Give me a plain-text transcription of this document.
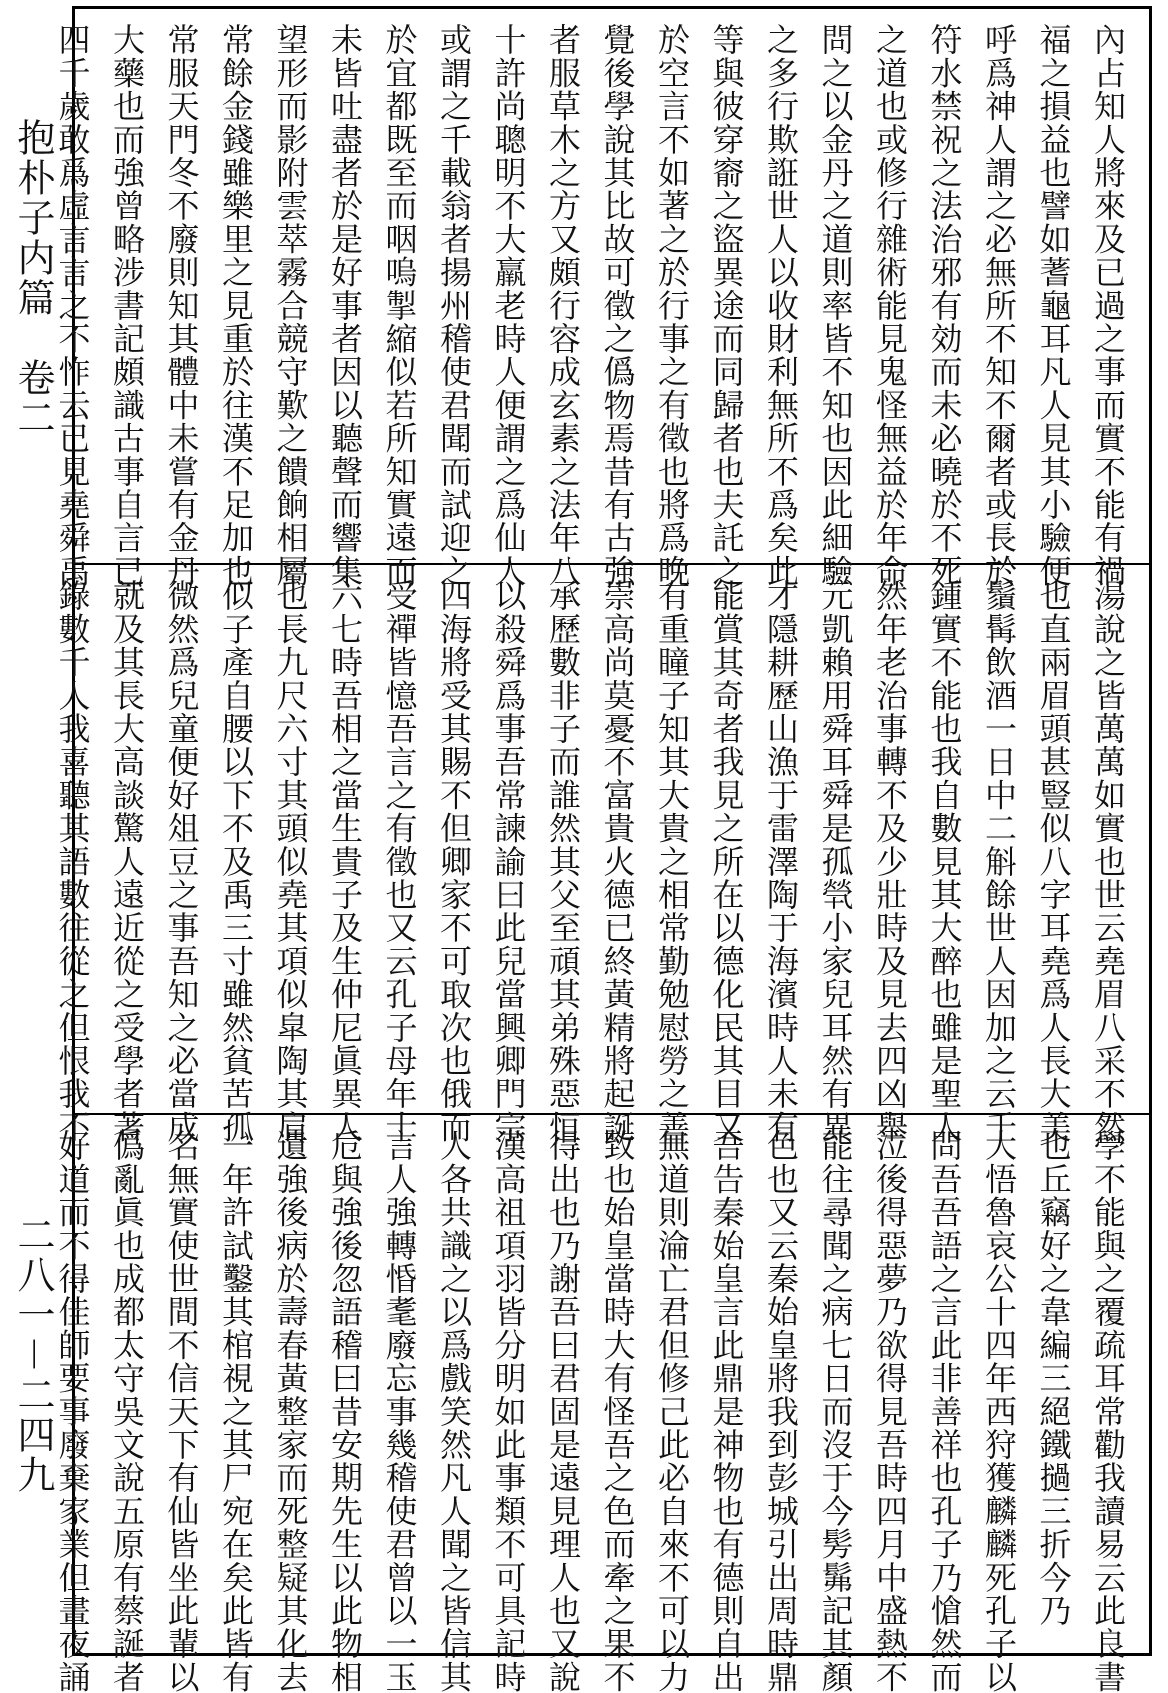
抱朴子内篇　卷二
二八一－二四九
內占知人將來及已過之事而實不能有禍
福之損益也譬如蓍龜耳凡人見其小驗便
呼爲神人謂之必無所不知不爾者或長於
符水禁祝之法治邪有効而未必曉於不死
之道也或修行雜術能見鬼怪無益於年命
問之以金丹之道則率皆不知也因此細驗
之多行欺誑世人以收財利無所不爲矣此
等與彼穿窬之盜異途而同歸者也夫託之
於空言不如著之於行事之有徵也將爲晚
覺後學說其比故可徵之僞物焉昔有古強
者服草木之方又頗行容成玄素之法年八
十許尚聰明不大羸老時人便謂之爲仙人
或謂之千載翁者揚州稽使君聞而試迎之
於宜都既至而咽嗚掣縮似若所知實遠而
未皆吐盡者於是好事者因以聽聲而響集
望形而影附雲萃霧合競守歎之饋餉相屬
常餘金錢雖樂里之見重於往漢不足加也
常服天門冬不廢則知其體中未嘗有金丹
大藥也而強曾略涉書記頗識古事自言已
四千歲敢爲虛言言之不怍云已見堯舜禹
湯說之皆萬萬如實也世云堯眉八采不然
也直兩眉頭甚豎似八字耳堯爲人長大美
鬚髯飲酒一日中二斛餘世人因加之云千
鍾實不能也我自數見其大醉也雖是聖人
然年老治事轉不及少壯時及見去四凶舉
元凱賴用舜耳舜是孤煢小家兒耳然有異
才隱耕歷山漁于雷澤陶于海濱時人未有
能賞其奇者我見之所在以德化民其目又
有重瞳子知其大貴之相常勤勉慰勞之善
崇高尚莫憂不富貴火德已終黃精將起誕
承歷數非子而誰然其父至頑其弟殊惡恒
以殺舜爲事吾常諫諭曰此兒當興卿門宗
四海將受其賜不但卿家不可取次也俄而
受禪皆憶吾言之有徵也又云孔子母年十
六七時吾相之當生貴子及生仲尼眞異人
也長九尺六寸其頭似堯其項似皐陶其肩
似子產自腰以下不及禹三寸雖然貧苦孤
微然爲兒童便好俎豆之事吾知之必當成
就及其長大高談驚人遠近從之受學者著
錄數千人我喜聽其語數往從之但恨我不
學不能與之覆疏耳常勸我讀易云此良書
也丘竊好之韋編三絕鐵撾三折今乃
大悟魯哀公十四年西狩獲麟麟死孔子以
問吾吾語之言此非善祥也孔子乃愴然而
泣後得惡夢乃欲得見吾時四月中盛熱不
能往尋聞之病七日而沒于今髣髴記其顏
色也又云秦始皇將我到彭城引出周時鼎
吾告秦始皇言此鼎是神物也有德則自出
無道則淪亡君但修己此必自來不可以力
致也始皇當時大有怪吾之色而牽之果不
得出也乃謝吾曰君固是遠見理人也又說
漢高祖項羽皆分明如此事類不可具記時
人各共識之以爲戲笑然凡人聞之皆信其
言人強轉惛耄廢忘事幾稽使君曾以一玉
卮與強後忽語稽曰昔安期先生以此物相
遺強後病於壽春黃整家而死整疑其化去
一年許試鑿其棺視之其尸宛在矣此皆有
名無實使世間不信天下有仙皆坐此輩以
僞亂眞也成都太守吳文說五原有蔡誕者
好道而不得佳師要事廢棄家業但晝夜誦
